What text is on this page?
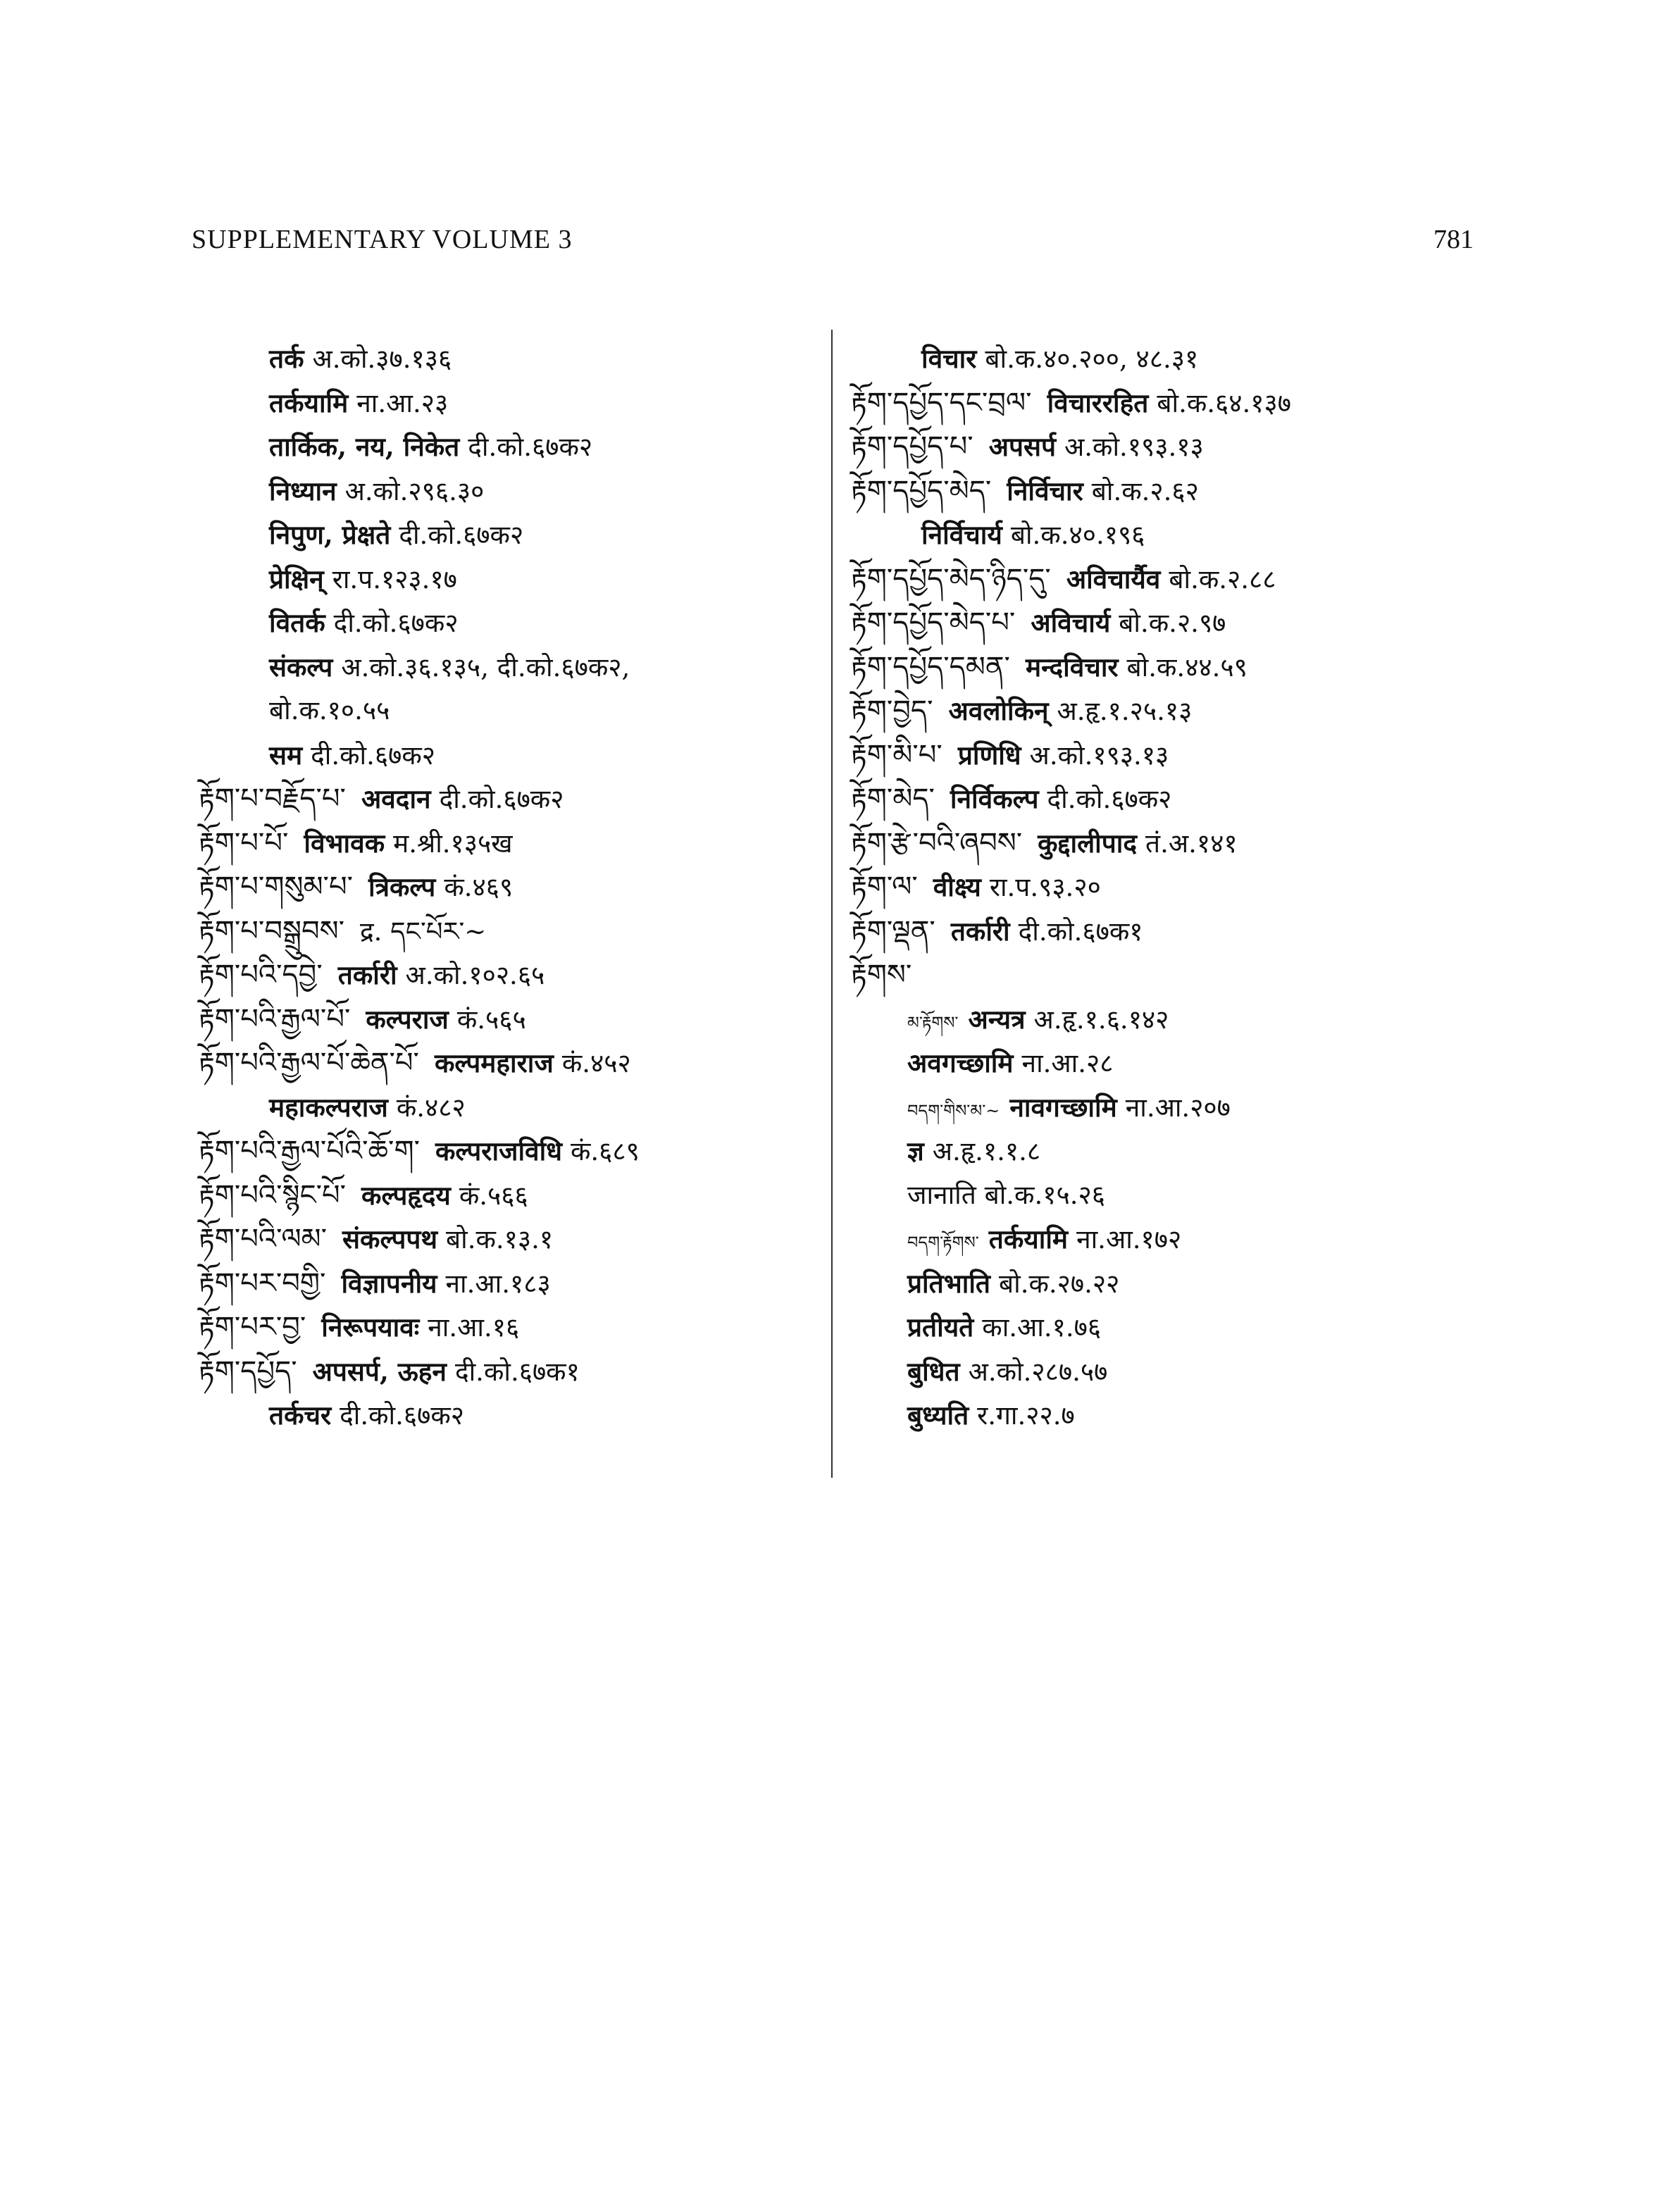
SUPPLEMENTARY VOLUME 3	781
तर्क अ.को.३७.१३६
तर्कयामि ना.आ.२३
तार्किक, नय, निकेत दी.को.६७क२
निध्यान अ.को.२९६.३०
निपुण, प्रेक्षते दी.को.६७क२
प्रेक्षिन् रा.प.१२३.१७
वितर्क दी.को.६७क२
संकल्प अ.को.३६.१३५, दी.को.६७क२,
बो.क.१०.५५
सम दी.को.६७क२
རྟོག་པ་བརྗོད་པ་ अवदान दी.को.६७क२
རྟོག་པ་པོ་ विभावक म.श्री.१३५ख
རྟོག་པ་གསུམ་པ་ त्रिकल्प कं.४६९
རྟོག་པ་བསྒྲུབས་ द्र. དང་པོར་~
རྟོག་པའི་དབྱེ་ तर्कारी अ.को.१०२.६५
རྟོག་པའི་རྒྱལ་པོ་ कल्पराज कं.५६५
རྟོག་པའི་རྒྱལ་པོ་ཆེན་པོ་ कल्पमहाराज कं.४५२
महाकल्पराज कं.४८२
རྟོག་པའི་རྒྱལ་པོའི་ཆོ་ག་ कल्पराजविधि कं.६८९
རྟོག་པའི་སྙིང་པོ་ कल्पहृदय कं.५६६
རྟོག་པའི་ལམ་ संकल्पपथ बो.क.१३.१
རྟོག་པར་བགྱི་ विज्ञापनीय ना.आ.१८३
རྟོག་པར་བྱ་ निरूपयावः ना.आ.१६
རྟོག་དཔྱོད་ अपसर्प, ऊहन दी.को.६७क१
तर्कचर दी.को.६७क२
विचार बो.क.४०.२००, ४८.३१
རྟོག་དཔྱོད་དང་བྲལ་ विचाररहित बो.क.६४.१३७
རྟོག་དཔྱོད་པ་ अपसर्प अ.को.१९३.१३
རྟོག་དཔྱོད་མེད་ निर्विचार बो.क.२.६२
निर्विचार्य बो.क.४०.१९६
རྟོག་དཔྱོད་མེད་ཉིད་དུ་ अविचार्यैव बो.क.२.८८
རྟོག་དཔྱོད་མེད་པ་ अविचार्य बो.क.२.९७
རྟོག་དཔྱོད་དམན་ मन्दविचार बो.क.४४.५९
རྟོག་བྱེད་ अवलोकिन् अ.हृ.१.२५.१३
རྟོག་མི་པ་ प्रणिधि अ.को.१९३.१३
རྟོག་མེད་ निर्विकल्प दी.को.६७क२
རྟོག་རྩེ་བའི་ཞབས་ कुद्दालीपाद तं.अ.१४१
རྟོག་ལ་ वीक्ष्य रा.प.९३.२०
རྟོག་ལྡན་ तर्कारी दी.को.६७क१
རྟོགས་
མ་རྟོགས་ अन्यत्र अ.हृ.१.६.१४२
अवगच्छामि ना.आ.२८
བདག་གིས་མ་~ नावगच्छामि ना.आ.२०७
ज्ञ अ.हृ.१.१.८
जानाति बो.क.१५.२६
བདག་རྟོགས་ तर्कयामि ना.आ.१७२
प्रतिभाति बो.क.२७.२२
प्रतीयते का.आ.१.७६
बुधित अ.को.२८७.५७
बुध्यति र.गा.२२.७
